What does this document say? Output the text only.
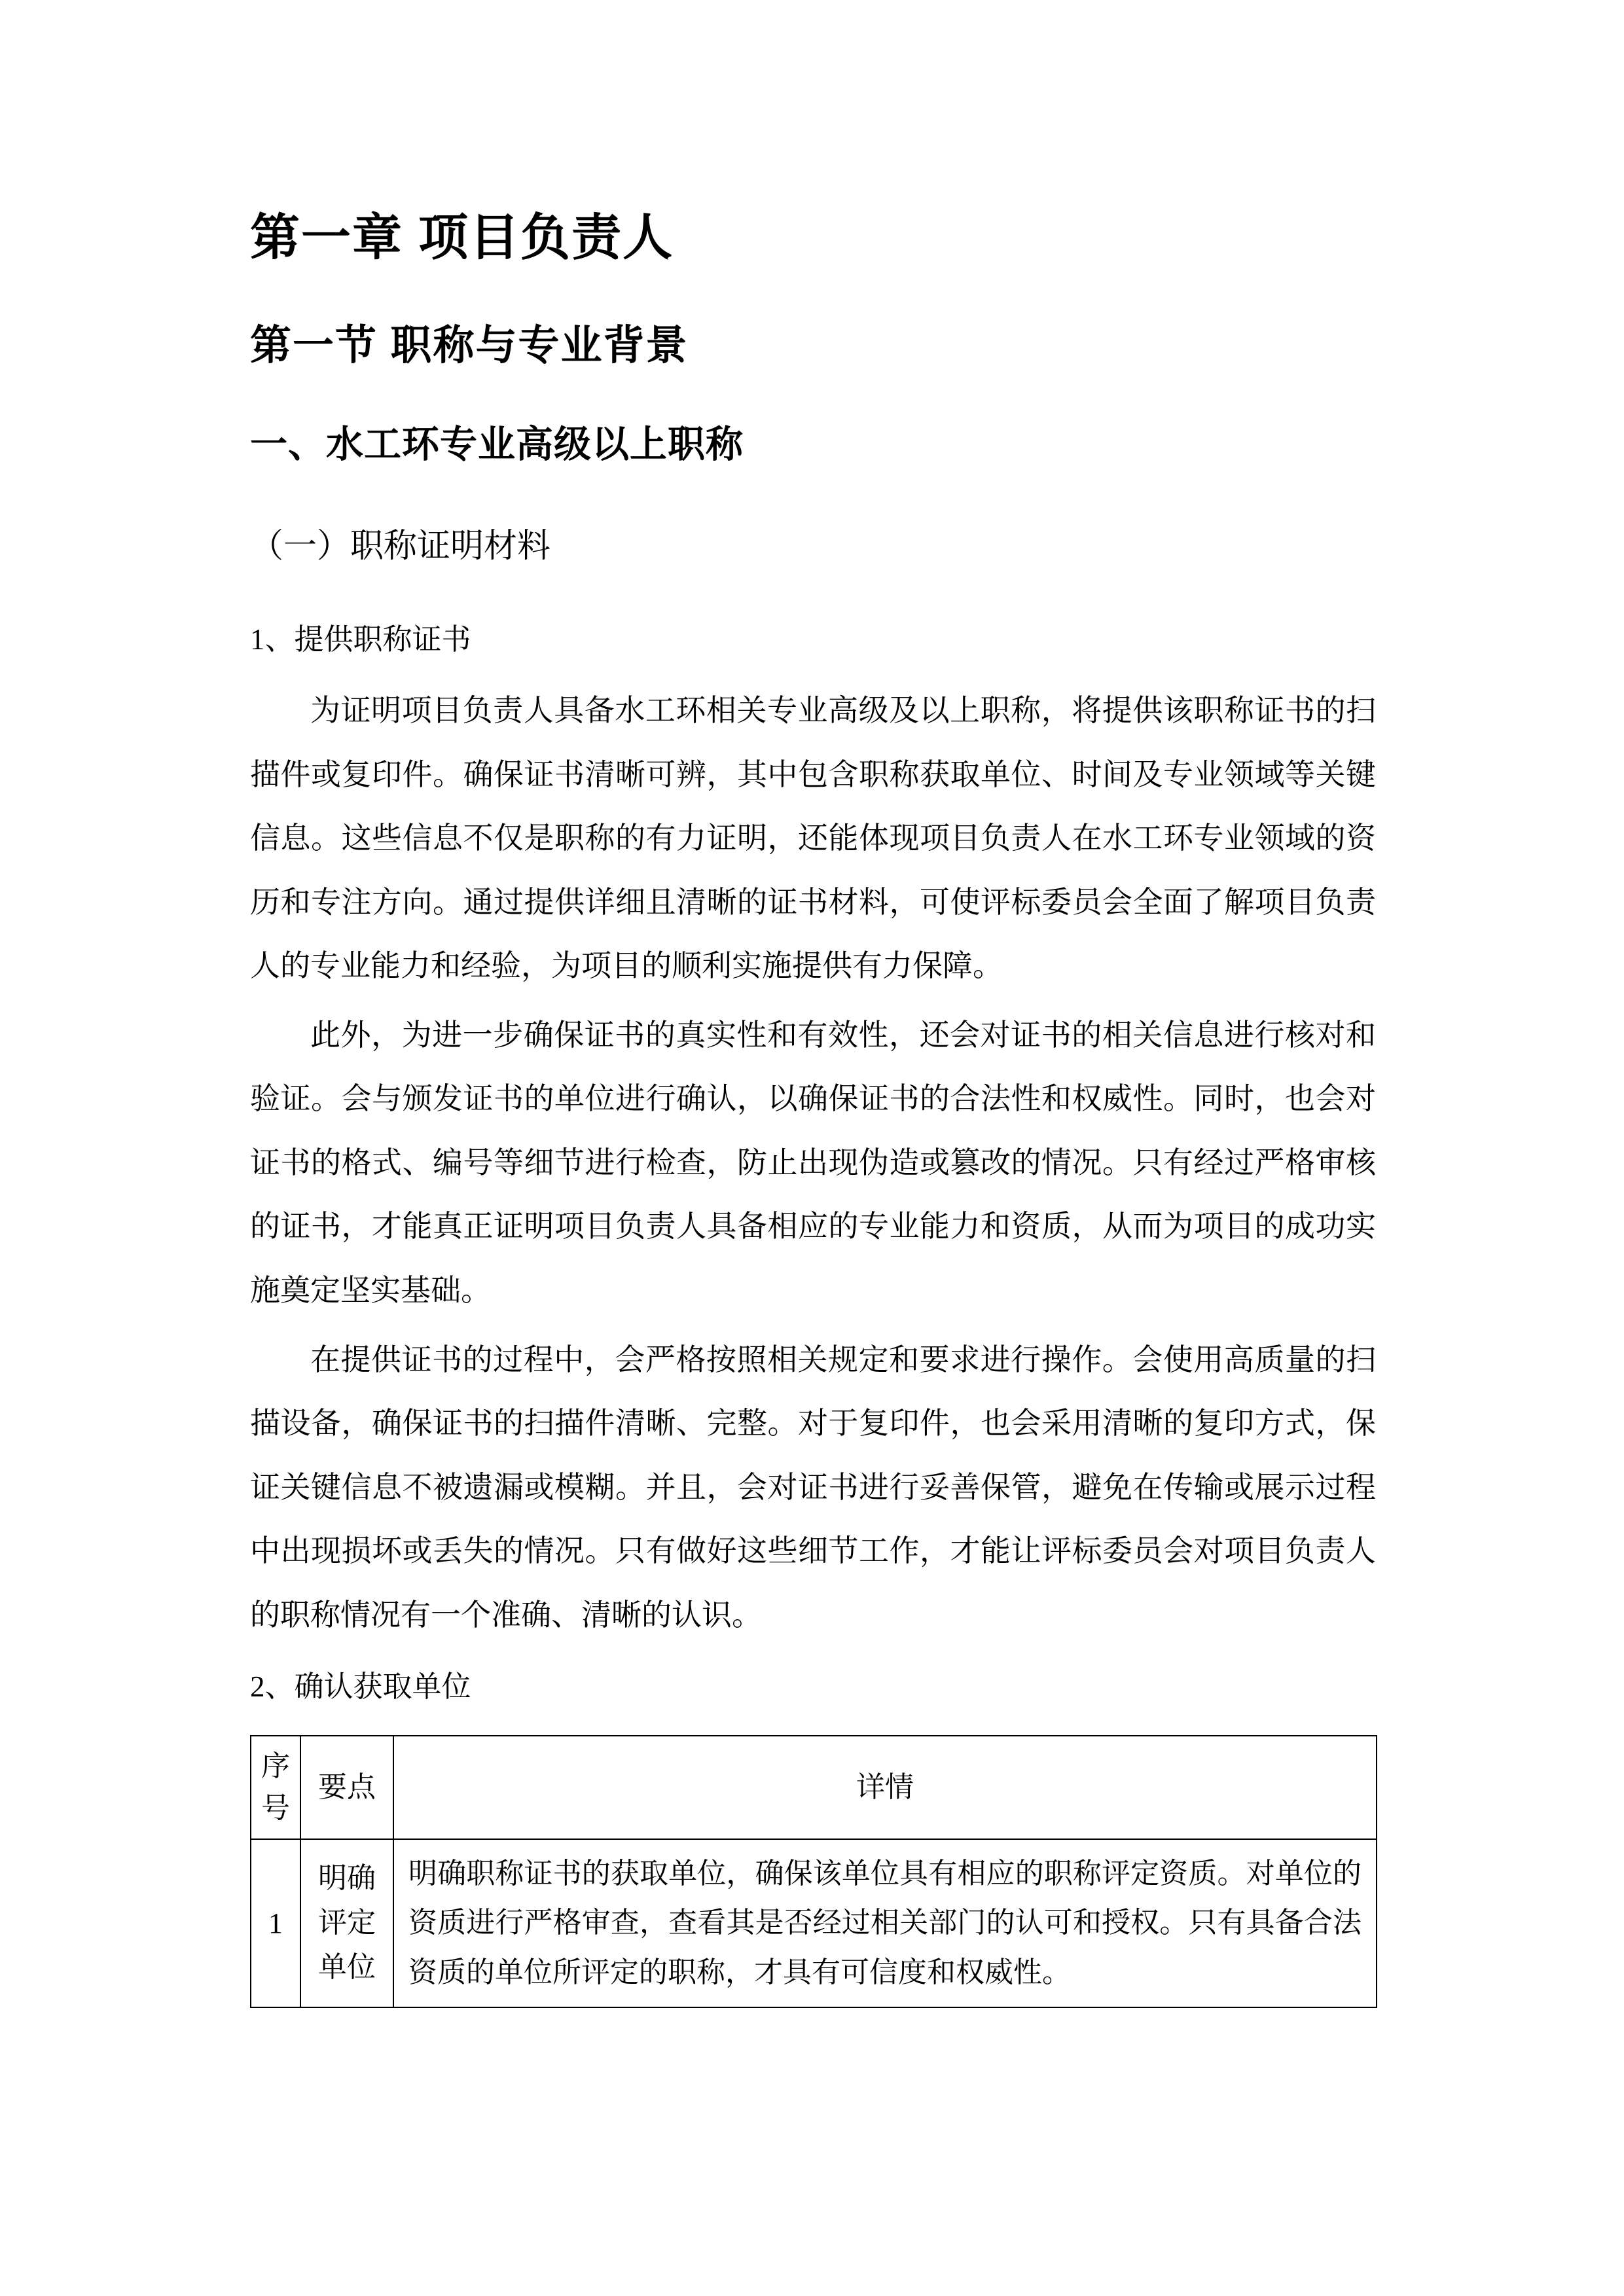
第一章 项目负责人
第一节 职称与专业背景
一、水工环专业高级以上职称
（一）职称证明材料
1、提供职称证书

为证明项目负责人具备水工环相关专业高级及以上职称，将提供该职称证书的扫描件或复印件。确保证书清晰可辨，其中包含职称获取单位、时间及专业领域等关键信息。这些信息不仅是职称的有力证明，还能体现项目负责人在水工环专业领域的资历和专注方向。通过提供详细且清晰的证书材料，可使评标委员会全面了解项目负责人的专业能力和经验，为项目的顺利实施提供有力保障。

此外，为进一步确保证书的真实性和有效性，还会对证书的相关信息进行核对和验证。会与颁发证书的单位进行确认，以确保证书的合法性和权威性。同时，也会对证书的格式、编号等细节进行检查，防止出现伪造或篡改的情况。只有经过严格审核的证书，才能真正证明项目负责人具备相应的专业能力和资质，从而为项目的成功实施奠定坚实基础。

在提供证书的过程中，会严格按照相关规定和要求进行操作。会使用高质量的扫描设备，确保证书的扫描件清晰、完整。对于复印件，也会采用清晰的复印方式，保证关键信息不被遗漏或模糊。并且，会对证书进行妥善保管，避免在传输或展示过程中出现损坏或丢失的情况。只有做好这些细节工作，才能让评标委员会对项目负责人的职称情况有一个准确、清晰的认识。

2、确认获取单位
序号	要点	详情
1	明确评定单位	明确职称证书的获取单位，确保该单位具有相应的职称评定资质。对单位的资质进行严格审查，查看其是否经过相关部门的认可和授权。只有具备合法资质的单位所评定的职称，才具有可信度和权威性。
